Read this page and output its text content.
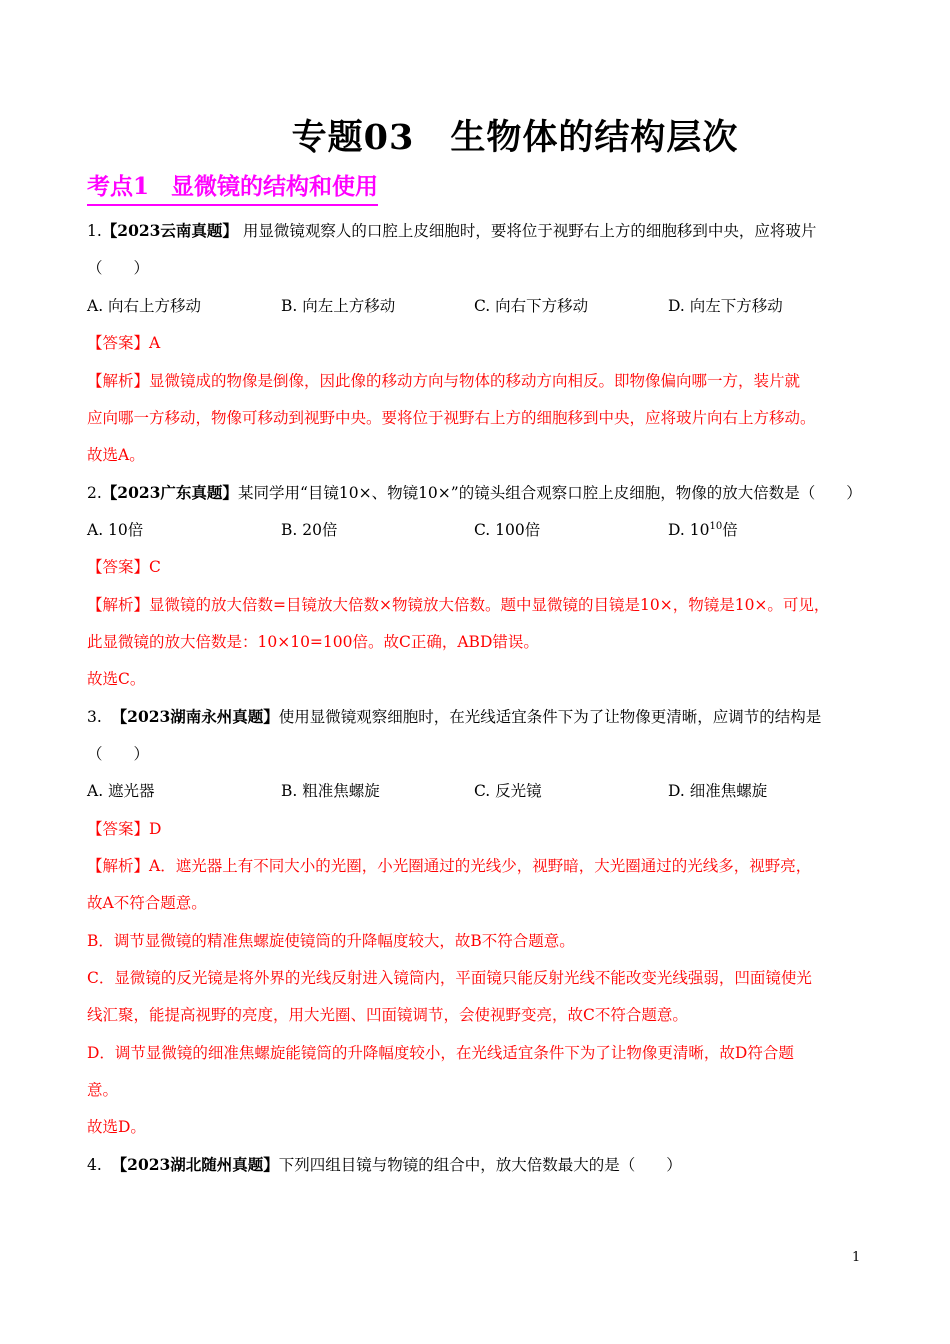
专题03　生物体的结构层次
考点1 显微镜的结构和使用
1.【2023云南真题】 用显微镜观察人的口腔上皮细胞时，要将位于视野右上方的细胞移到中央，应将玻片
（　　）
A. 向右上方移动	B. 向左上方移动	C. 向右下方移动	D. 向左下方移动
【答案】A
【解析】显微镜成的物像是倒像，因此像的移动方向与物体的移动方向相反。即物像偏向哪一方，装片就
应向哪一方移动，物像可移动到视野中央。要将位于视野右上方的细胞移到中央，应将玻片向右上方移动。
故选A。
2.【2023广东真题】某同学用“目镜10×、物镜10×”的镜头组合观察口腔上皮细胞，物像的放大倍数是（　　）
A. 10倍	B. 20倍	C. 100倍	D. $10^{10}$倍
【答案】C
【解析】显微镜的放大倍数=目镜放大倍数×物镜放大倍数。题中显微镜的目镜是10×，物镜是10×。可见，
此显微镜的放大倍数是：10×10=100倍。故C正确，ABD错误。
故选C。
3. 【2023湖南永州真题】使用显微镜观察细胞时，在光线适宜条件下为了让物像更清晰，应调节的结构是
（　　）
A. 遮光器	B. 粗准焦螺旋	C. 反光镜	D. 细准焦螺旋
【答案】D
【解析】A．遮光器上有不同大小的光圈，小光圈通过的光线少，视野暗，大光圈通过的光线多，视野亮，
故A不符合题意。
B．调节显微镜的精准焦螺旋使镜筒的升降幅度较大，故B不符合题意。
C．显微镜的反光镜是将外界的光线反射进入镜筒内，平面镜只能反射光线不能改变光线强弱，凹面镜使光
线汇聚，能提高视野的亮度，用大光圈、凹面镜调节，会使视野变亮，故C不符合题意。
D．调节显微镜的细准焦螺旋能镜筒的升降幅度较小，在光线适宜条件下为了让物像更清晰，故D符合题
意。
故选D。
4. 【2023湖北随州真题】下列四组目镜与物镜的组合中，放大倍数最大的是（　　）
1
